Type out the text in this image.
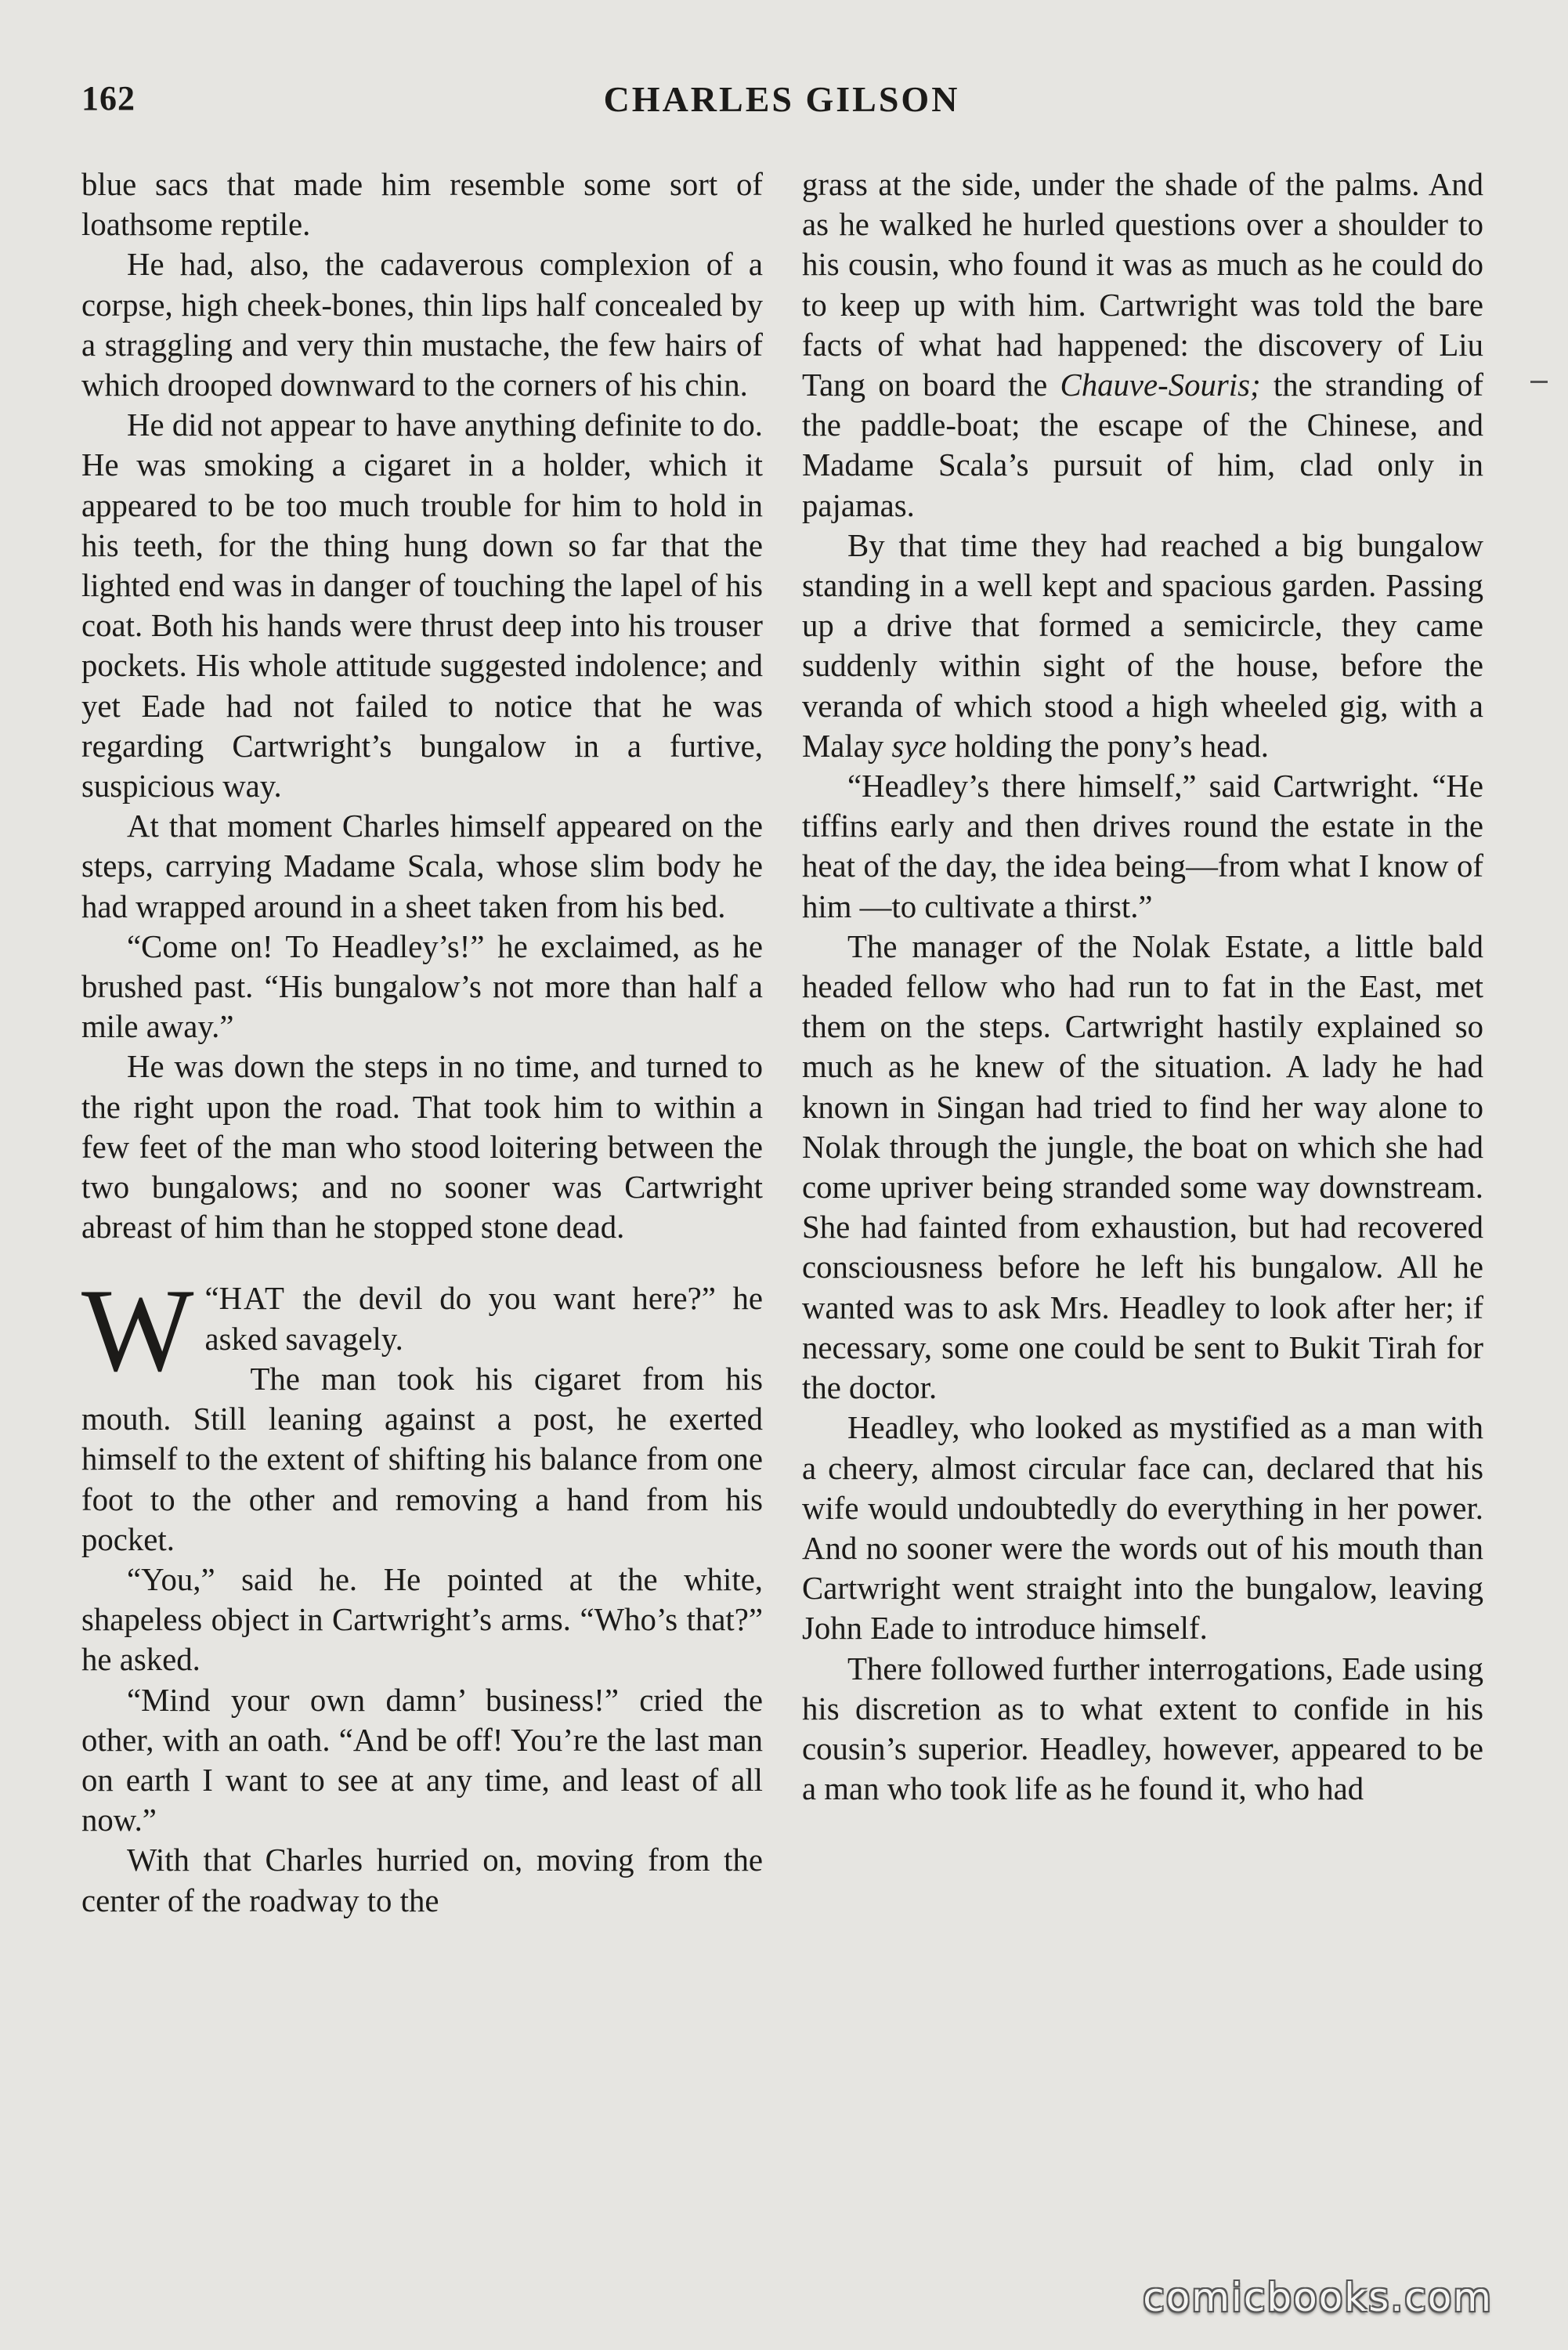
162	CHARLES GILSON

blue sacs that made him resemble some sort of loathsome reptile.

He had, also, the cadaverous complexion of a corpse, high cheek-bones, thin lips half concealed by a straggling and very thin mustache, the few hairs of which drooped downward to the corners of his chin.

He did not appear to have anything definite to do. He was smoking a cigaret in a holder, which it appeared to be too much trouble for him to hold in his teeth, for the thing hung down so far that the lighted end was in danger of touching the lapel of his coat. Both his hands were thrust deep into his trouser pockets. His whole attitude suggested indolence; and yet Eade had not failed to notice that he was regarding Cartwright’s bungalow in a furtive, suspicious way.

At that moment Charles himself appeared on the steps, carrying Madame Scala, whose slim body he had wrapped around in a sheet taken from his bed.

“Come on! To Headley’s!” he exclaimed, as he brushed past. “His bungalow’s not more than half a mile away.”

He was down the steps in no time, and turned to the right upon the road. That took him to within a few feet of the man who stood loitering between the two bungalows; and no sooner was Cartwright abreast of him than he stopped stone dead.

“
W HAT the devil do you want here?” he asked savagely.

The man took his cigaret from his mouth. Still leaning against a post, he exerted himself to the extent of shifting his balance from one foot to the other and removing a hand from his pocket.

“You,” said he. He pointed at the white, shapeless object in Cartwright’s arms. “Who’s that?” he asked.

“Mind your own damn’ business!” cried the other, with an oath. “And be off! You’re the last man on earth I want to see at any time, and least of all now.”

With that Charles hurried on, moving from the center of the roadway to the

grass at the side, under the shade of the palms. And as he walked he hurled questions over a shoulder to his cousin, who found it was as much as he could do to keep up with him. Cartwright was told the bare facts of what had happened: the discovery of Liu Tang on board the Chauve-Souris; the stranding of the paddle-boat; the escape of the Chinese, and Madame Scala’s pursuit of him, clad only in pajamas.

By that time they had reached a big bungalow standing in a well kept and spacious garden. Passing up a drive that formed a semicircle, they came suddenly within sight of the house, before the veranda of which stood a high wheeled gig, with a Malay syce holding the pony’s head.

“Headley’s there himself,” said Cartwright. “He tiffins early and then drives round the estate in the heat of the day, the idea being—from what I know of him —to cultivate a thirst.”

The manager of the Nolak Estate, a little bald headed fellow who had run to fat in the East, met them on the steps. Cartwright hastily explained so much as he knew of the situation. A lady he had known in Singan had tried to find her way alone to Nolak through the jungle, the boat on which she had come upriver being stranded some way downstream. She had fainted from exhaustion, but had recovered consciousness before he left his bungalow. All he wanted was to ask Mrs. Headley to look after her; if necessary, some one could be sent to Bukit Tirah for the doctor.

Headley, who looked as mystified as a man with a cheery, almost circular face can, declared that his wife would undoubtedly do everything in her power. And no sooner were the words out of his mouth than Cartwright went straight into the bungalow, leaving John Eade to introduce himself.

There followed further interrogations, Eade using his discretion as to what extent to confide in his cousin’s superior. Headley, however, appeared to be a man who took life as he found it, who had

comicbooks.com
